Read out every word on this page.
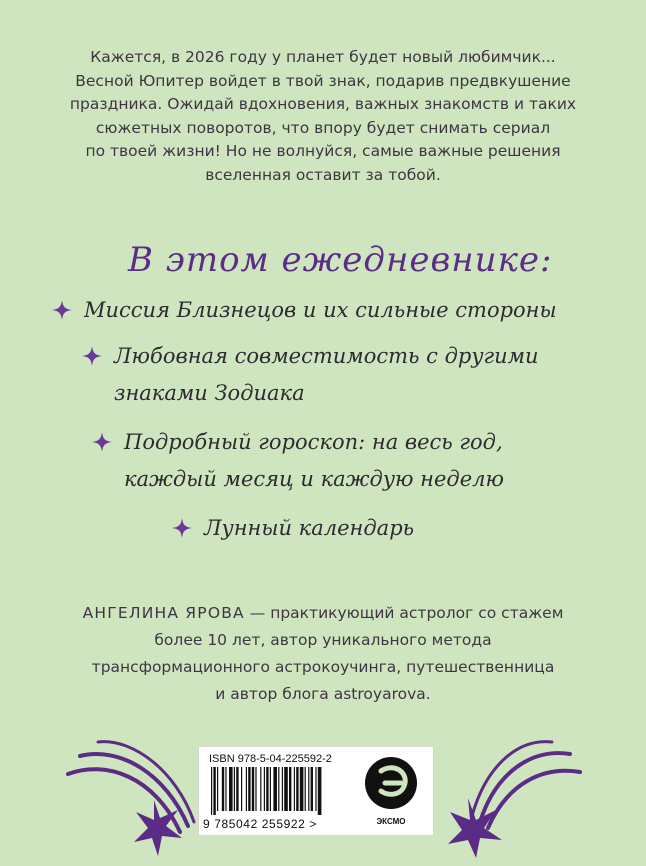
Кажется, в 2026 году у планет будет новый любимчик...
Весной Юпитер войдет в твой знак, подарив предвкушение
праздника. Ожидай вдохновения, важных знакомств и таких
сюжетных поворотов, что впору будет снимать сериал
по твоей жизни! Но не волнуйся, самые важные решения
вселенная оставит за тобой.
В этом ежедневнике:
Миссия Близнецов и их сильные стороны
Любовная совместимость с другими
знаками Зодиака
Подробный гороскоп: на весь год,
каждый месяц и каждую неделю
Лунный календарь
АНГЕЛИНА ЯРОВА — практикующий астролог со стажем
более 10 лет, автор уникального метода
трансформационного астрокоучинга, путешественница
и автор блога astroyarova.
ISBN 978-5-04-225592-2
9 785042 255922 >	ЭКСМО
